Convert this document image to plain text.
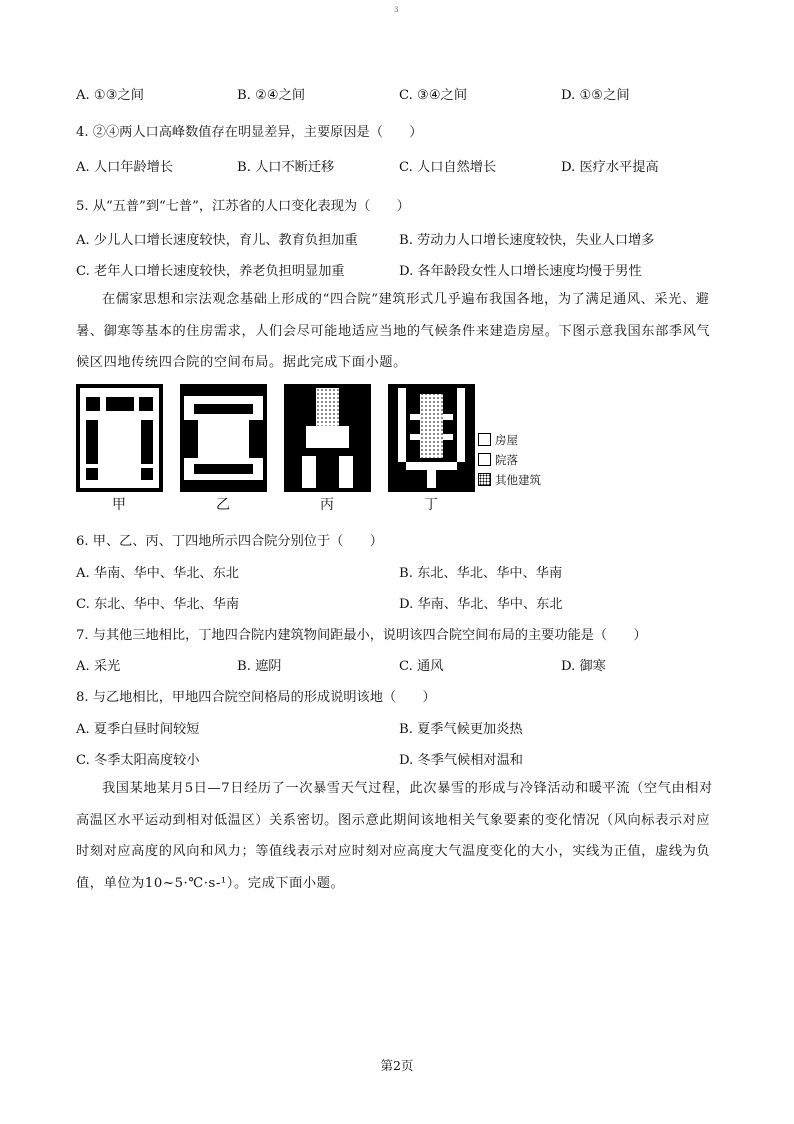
3
A. ①③之间	B. ②④之间	C. ③④之间	D. ①⑤之间
4. ②④两人口高峰数值存在明显差异，主要原因是（　　）
A. 人口年龄增长	B. 人口不断迁移	C. 人口自然增长	D. 医疗水平提高
5. 从“五普”到“七普”，江苏省的人口变化表现为（　　）
A. 少儿人口增长速度较快，育儿、教育负担加重	B. 劳动力人口增长速度较快，失业人口增多
C. 老年人口增长速度较快，养老负担明显加重	D. 各年龄段女性人口增长速度均慢于男性
在儒家思想和宗法观念基础上形成的“四合院”建筑形式几乎遍布我国各地，为了满足通风、采光、避暑、御寒等基本的住房需求，人们会尽可能地适应当地的气候条件来建造房屋。下图示意我国东部季风气候区四地传统四合院的空间布局。据此完成下面小题。
甲	乙	丙	丁
房屋
院落
其他建筑
6. 甲、乙、丙、丁四地所示四合院分别位于（　　）
A. 华南、华中、华北、东北	B. 东北、华北、华中、华南
C. 东北、华中、华北、华南	D. 华南、华北、华中、东北
7. 与其他三地相比，丁地四合院内建筑物间距最小，说明该四合院空间布局的主要功能是（　　）
A. 采光	B. 遮阴	C. 通风	D. 御寒
8. 与乙地相比，甲地四合院空间格局的形成说明该地（　　）
A. 夏季白昼时间较短	B. 夏季气候更加炎热
C. 冬季太阳高度较小	D. 冬季气候相对温和
我国某地某月5日—7日经历了一次暴雪天气过程，此次暴雪的形成与冷锋活动和暖平流（空气由相对高温区水平运动到相对低温区）关系密切。图示意此期间该地相关气象要素的变化情况（风向标表示对应时刻对应高度的风向和风力；等值线表示对应时刻对应高度大气温度变化的大小，实线为正值，虚线为负值，单位为10~5·℃·s-¹）。完成下面小题。
第2页
